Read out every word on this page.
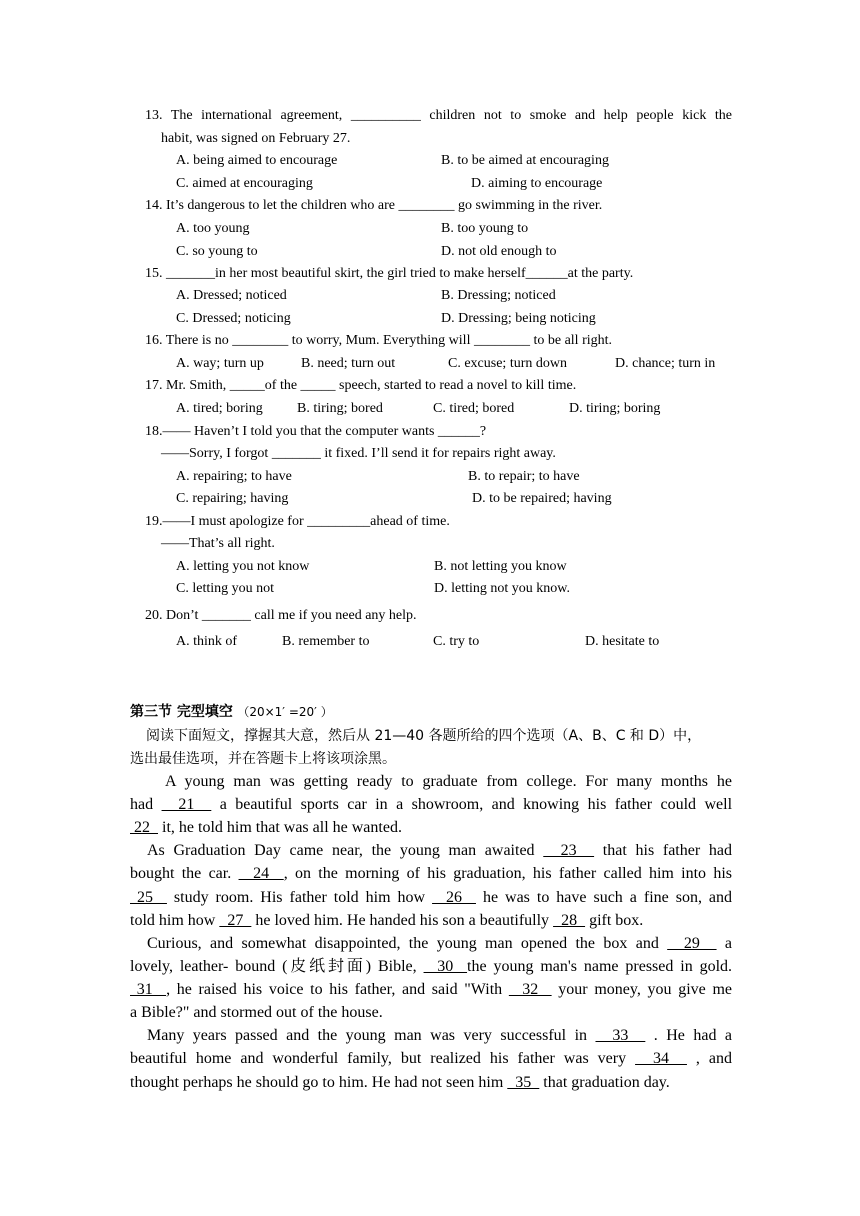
13. The international agreement, __________ children not to smoke and help people kick the
habit, was signed on February 27.
A. being aimed to encourage	B. to be aimed at encouraging
C. aimed at encouraging	D. aiming to encourage
14. It’s dangerous to let the children who are ________ go swimming in the river.
A. too young	B. too young to
C. so young to	D. not old enough to
15. _______in her most beautiful skirt, the girl tried to make herself______at the party.
A. Dressed; noticed	B. Dressing; noticed
C. Dressed; noticing	D. Dressing; being noticing
16. There is no ________ to worry, Mum. Everything will ________ to be all right.
A. way; turn up	B. need; turn out	C. excuse; turn down	D. chance; turn in
17. Mr. Smith, _____of the _____ speech, started to read a novel to kill time.
A. tired; boring B. tiring; bored	C. tired; bored	D. tiring; boring
18.—— Haven’t I told you that the computer wants ______?
——Sorry, I forgot _______ it fixed. I’ll send it for repairs right away.
A. repairing; to have	B. to repair; to have
C. repairing; having	D. to be repaired; having
19.——I must apologize for _________ahead of time.
——That’s all right.
A. letting you not know	B. not letting you know
C. letting you not	D. letting not you know.
20. Don’t _______ call me if you need any help.
A. think of	B. remember to	C. try to	D. hesitate to
第三节 完型填空 （20×1′ =20′ ）
阅读下面短文，撑握其大意，然后从 21—40 各题所给的四个选项（A、B、C 和 D）中，
选出最佳选项，并在答题卡上将该项涂黑。
A young man was getting ready to graduate from college. For many months he
had   21   a beautiful sports car in a showroom, and knowing his father could well
22   it, he told him that was all he wanted.
As Graduation Day came near, the young man awaited   23   that his father had
bought the car.   24  , on the morning of his graduation, his father called him into his
25   study room. His father told him how   26   he was to have such a fine son, and
told him how   27   he loved him. He handed his son a beautifully   28   gift box.
Curious, and somewhat disappointed, the young man opened the box and   29   a
lovely, leather- bound (皮纸封面) Bible,   30  the young man's name pressed in gold.
31  , he raised his voice to his father, and said "With   32   your money, you give me
a Bible?" and stormed out of the house.
Many years passed and the young man was very successful in   33   . He had a
beautiful home and wonderful family, but realized his father was very   34   , and
thought perhaps he should go to him. He had not seen him   35   that graduation day.
